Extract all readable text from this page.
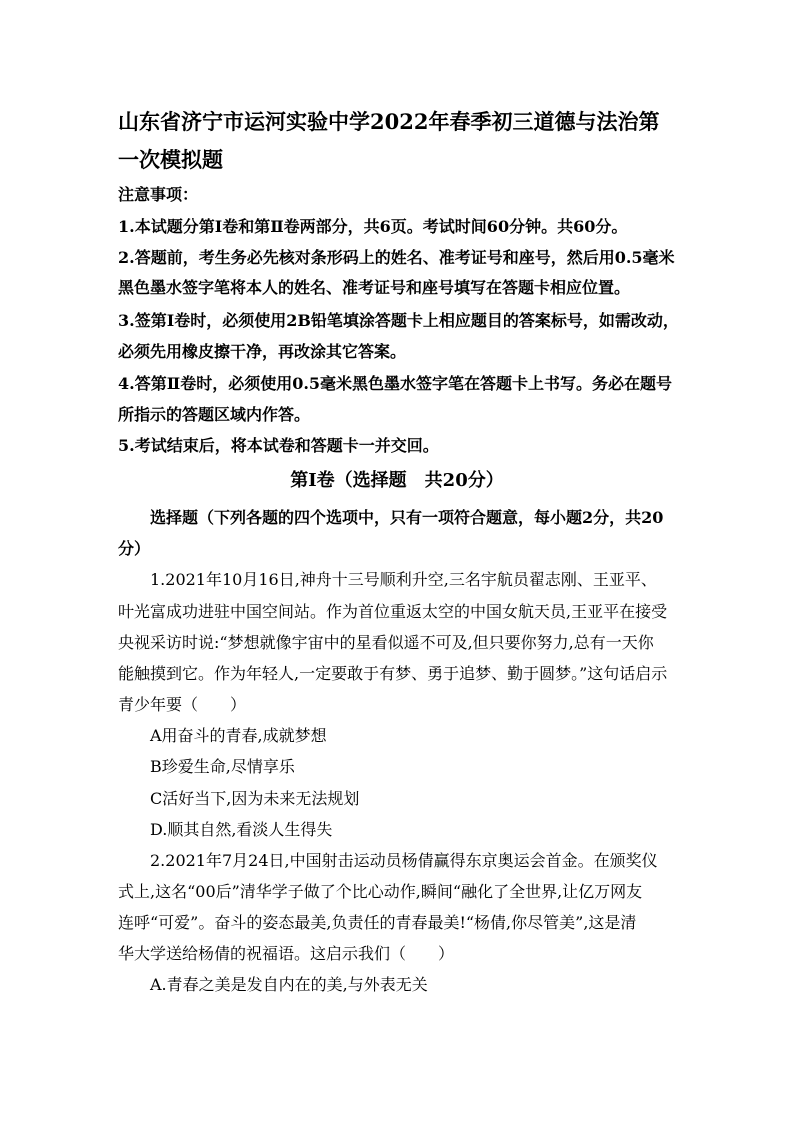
山东省济宁市运河实验中学2022年春季初三道德与法治第
一次模拟题
注意事项：
1.本试题分第Ⅰ卷和第Ⅱ卷两部分，共6页。考试时间60分钟。共60分。
2.答题前，考生务必先核对条形码上的姓名、准考证号和座号，然后用0.5毫米
黑色墨水签字笔将本人的姓名、准考证号和座号填写在答题卡相应位置。
3.签第Ⅰ卷时，必须使用2B铅笔填涂答题卡上相应题目的答案标号，如需改动，
必须先用橡皮擦干净，再改涂其它答案。
4.答第Ⅱ卷时，必须使用0.5毫米黑色墨水签字笔在答题卡上书写。务必在题号
所指示的答题区域内作答。
5.考试结束后，将本试卷和答题卡一并交回。
第Ⅰ卷（选择题　共20分）
选择题（下列各题的四个选项中，只有一项符合题意，每小题2分，共20
分）
1.2021年10月16日,神舟十三号顺利升空,三名宇航员翟志刚、王亚平、
叶光富成功进驻中国空间站。作为首位重返太空的中国女航天员,王亚平在接受
央视采访时说:“梦想就像宇宙中的星看似遥不可及,但只要你努力,总有一天你
能触摸到它。作为年轻人,一定要敢于有梦、勇于追梦、勤于圆梦。”这句话启示
青少年要（　　）
A用奋斗的青春,成就梦想
B珍爱生命,尽情享乐
C活好当下,因为未来无法规划
D.顺其自然,看淡人生得失
2.2021年7月24日,中国射击运动员杨倩赢得东京奥运会首金。在颁奖仪
式上,这名“00后”清华学子做了个比心动作,瞬间“融化了全世界,让亿万网友
连呼“可爱”。奋斗的姿态最美,负责任的青春最美!“杨倩,你尽管美”,这是清
华大学送给杨倩的祝福语。这启示我们（　　）
A.青春之美是发自内在的美,与外表无关
